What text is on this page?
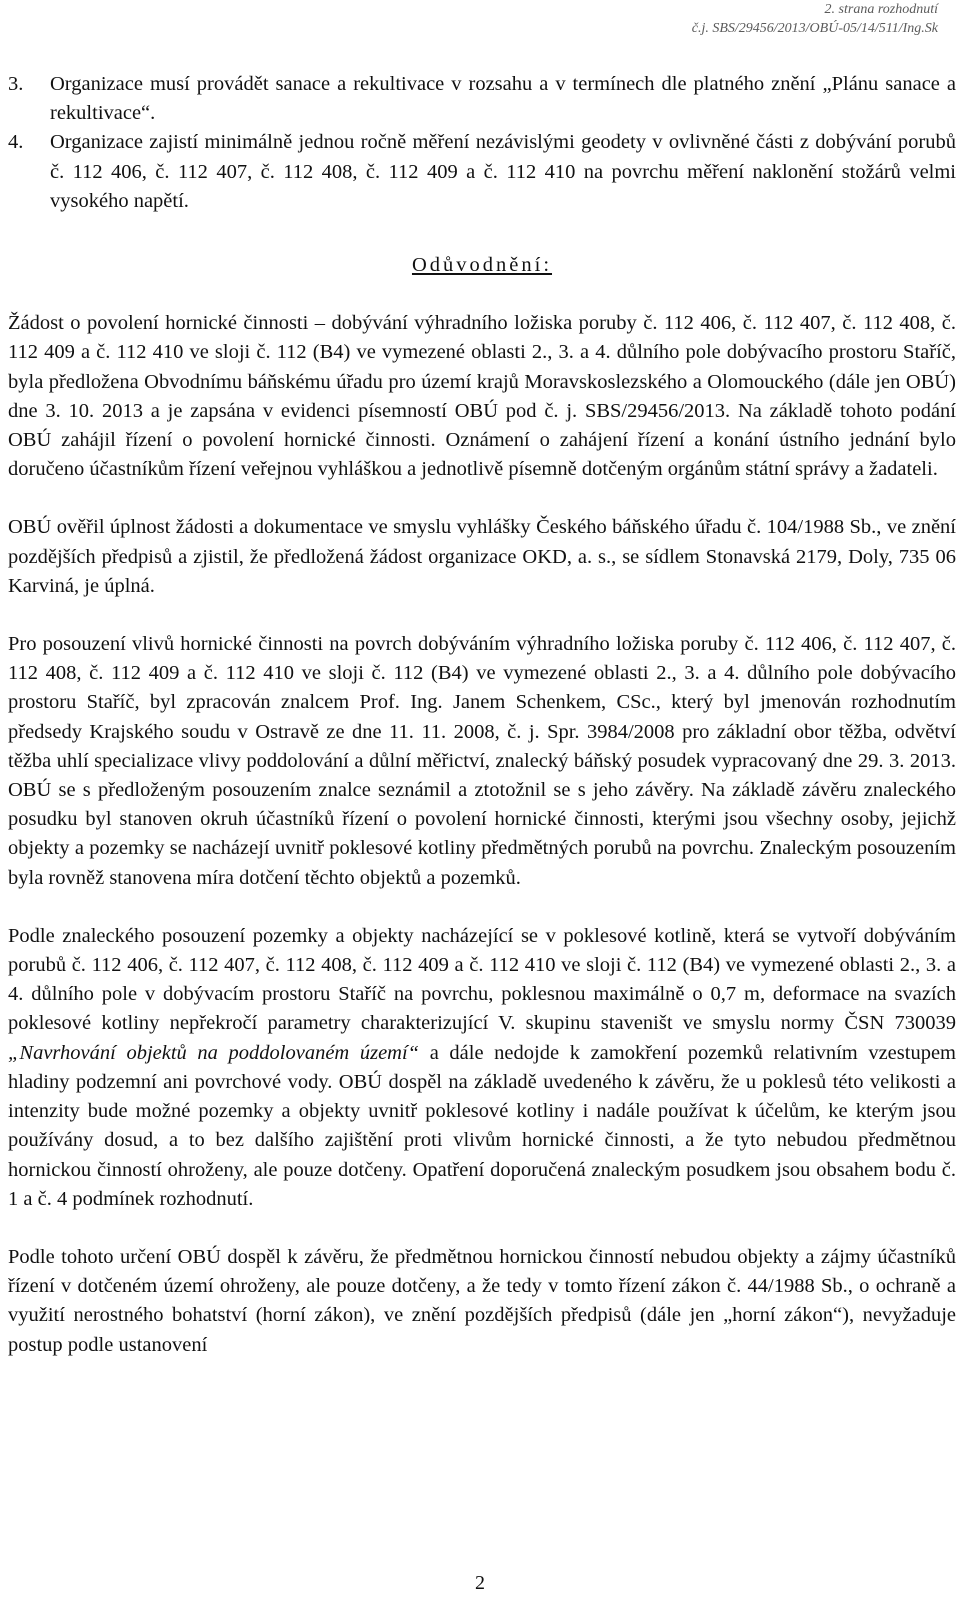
2. strana rozhodnutí
č.j. SBS/29456/2013/OBÚ-05/14/511/Ing.Sk
3.	Organizace musí provádět sanace a rekultivace v rozsahu a v termínech dle platného znění „Plánu sanace a rekultivace“.
4.	Organizace zajistí minimálně jednou ročně měření nezávislými geodety v ovlivněné části z dobývání porubů č. 112 406, č. 112 407, č. 112 408, č. 112 409 a č. 112 410 na povrchu měření naklonění stožárů velmi vysokého napětí.
Odůvodnění:

Žádost o povolení hornické činnosti – dobývání výhradního ložiska poruby č. 112 406, č. 112 407, č. 112 408, č. 112 409 a č. 112 410 ve sloji č. 112 (B4) ve vymezené oblasti 2., 3. a 4. důlního pole dobývacího prostoru Staříč, byla předložena Obvodnímu báňskému úřadu pro území krajů Moravskoslezského a Olomouckého (dále jen OBÚ) dne 3. 10. 2013 a je zapsána v evidenci písemností OBÚ pod č. j. SBS/29456/2013. Na základě tohoto podání OBÚ zahájil řízení o povolení hornické činnosti. Oznámení o zahájení řízení a konání ústního jednání bylo doručeno účastníkům řízení veřejnou vyhláškou a jednotlivě písemně dotčeným orgánům státní správy a žadateli.

OBÚ ověřil úplnost žádosti a dokumentace ve smyslu vyhlášky Českého báňského úřadu č. 104/1988 Sb., ve znění pozdějších předpisů a zjistil, že předložená žádost organizace OKD, a. s., se sídlem Stonavská 2179, Doly, 735 06 Karviná, je úplná.

Pro posouzení vlivů hornické činnosti na povrch dobýváním výhradního ložiska poruby č. 112 406, č. 112 407, č. 112 408, č. 112 409 a č. 112 410 ve sloji č. 112 (B4) ve vymezené oblasti 2., 3. a 4. důlního pole dobývacího prostoru Staříč, byl zpracován znalcem Prof. Ing. Janem Schenkem, CSc., který byl jmenován rozhodnutím předsedy Krajského soudu v Ostravě ze dne 11. 11. 2008, č. j. Spr. 3984/2008 pro základní obor těžba, odvětví těžba uhlí specializace vlivy poddolování a důlní měřictví, znalecký báňský posudek vypracovaný dne 29. 3. 2013. OBÚ se s předloženým posouzením znalce seznámil a ztotožnil se s jeho závěry. Na základě závěru znaleckého posudku byl stanoven okruh účastníků řízení o povolení hornické činnosti, kterými jsou všechny osoby, jejichž objekty a pozemky se nacházejí uvnitř poklesové kotliny předmětných porubů na povrchu. Znaleckým posouzením byla rovněž stanovena míra dotčení těchto objektů a pozemků.

Podle znaleckého posouzení pozemky a objekty nacházející se v poklesové kotlině, která se vytvoří dobýváním porubů č. 112 406, č. 112 407, č. 112 408, č. 112 409 a č. 112 410 ve sloji č. 112 (B4) ve vymezené oblasti 2., 3. a 4. důlního pole v dobývacím prostoru Staříč na povrchu, poklesnou maximálně o 0,7 m, deformace na svazích poklesové kotliny nepřekročí parametry charakterizující V. skupinu staveništ ve smyslu normy ČSN 730039 „Navrhování objektů na poddolovaném území“ a dále nedojde k zamokření pozemků relativním vzestupem hladiny podzemní ani povrchové vody. OBÚ dospěl na základě uvedeného k závěru, že u poklesů této velikosti a intenzity bude možné pozemky a objekty uvnitř poklesové kotliny i nadále používat k účelům, ke kterým jsou používány dosud, a to bez dalšího zajištění proti vlivům hornické činnosti, a že tyto nebudou předmětnou hornickou činností ohroženy, ale pouze dotčeny. Opatření doporučená znaleckým posudkem jsou obsahem bodu č. 1 a č. 4 podmínek rozhodnutí.

Podle tohoto určení OBÚ dospěl k závěru, že předmětnou hornickou činností nebudou objekty a zájmy účastníků řízení v dotčeném území ohroženy, ale pouze dotčeny, a že tedy v tomto řízení zákon č. 44/1988 Sb., o ochraně a využití nerostného bohatství (horní zákon), ve znění pozdějších předpisů (dále jen „horní zákon“), nevyžaduje postup podle ustanovení

2
